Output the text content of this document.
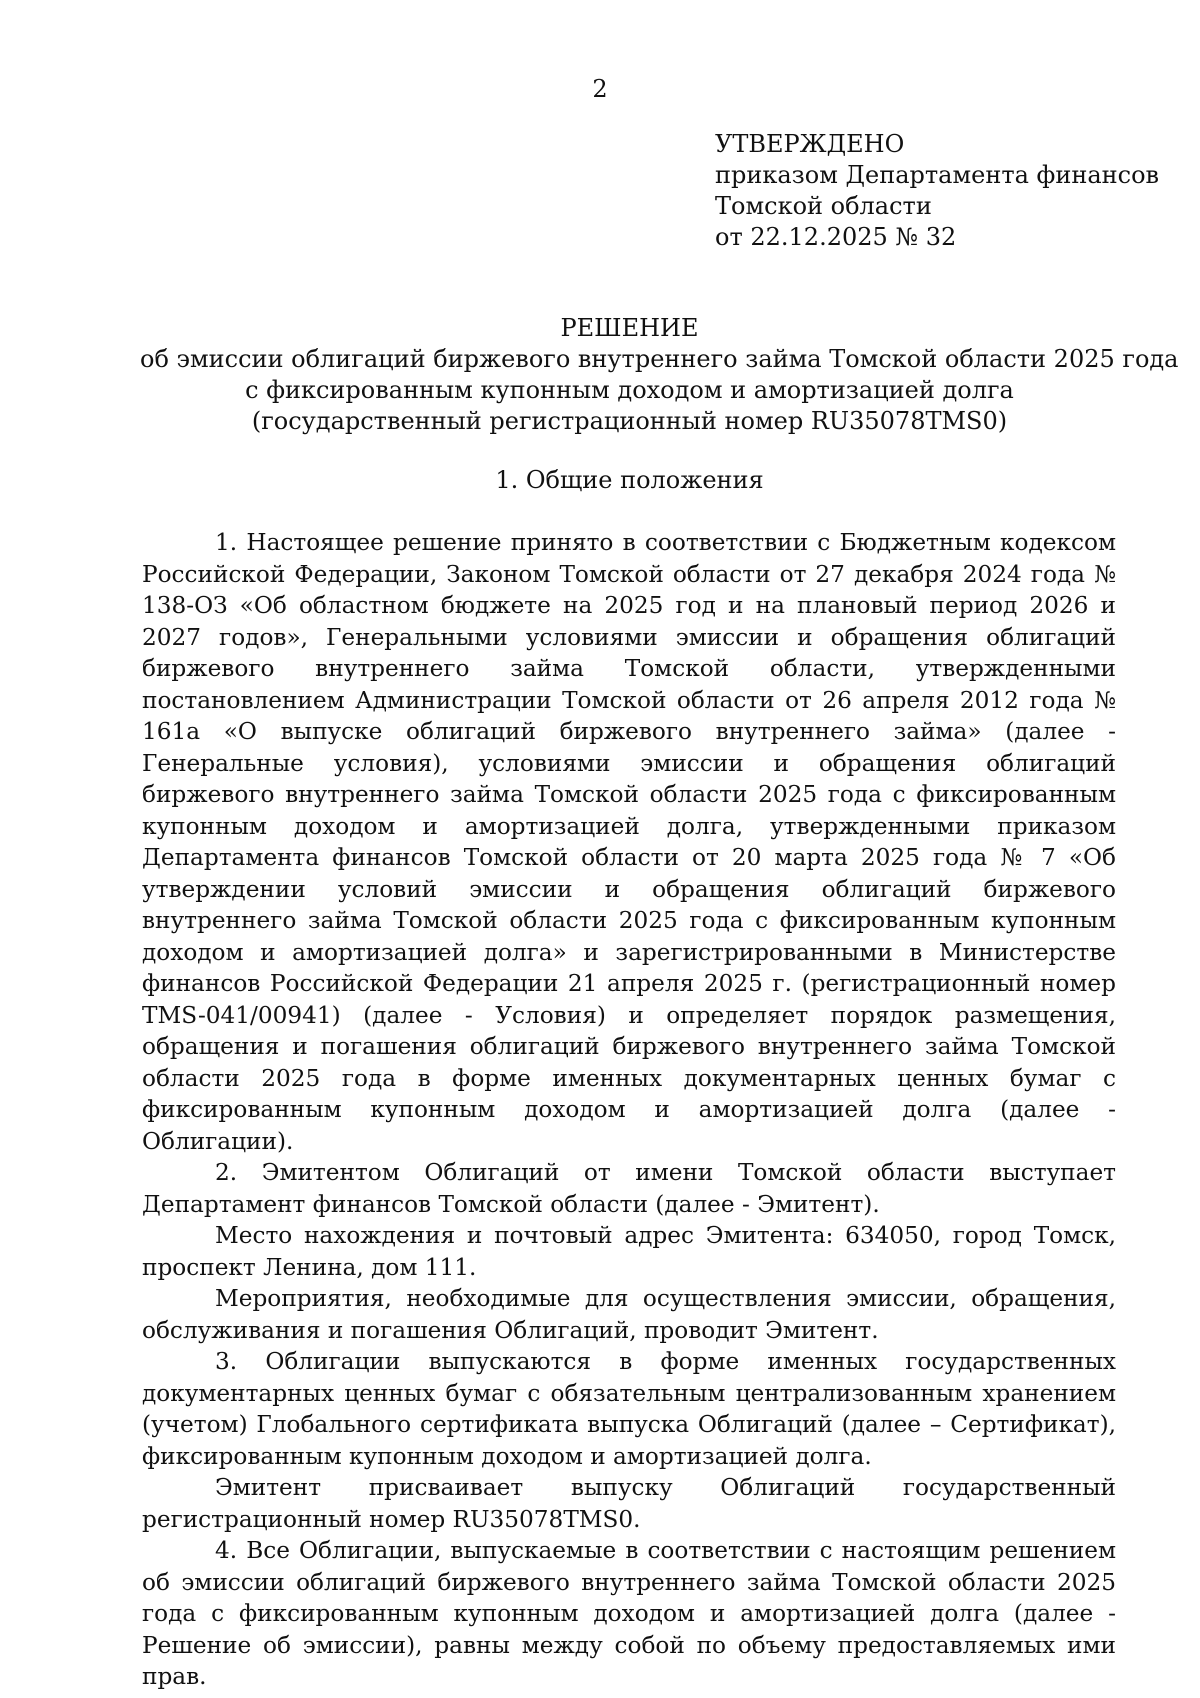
2
УТВЕРЖДЕНО
приказом Департамента финансов
Томской области
от 22.12.2025 № 32
РЕШЕНИЕ
об эмиссии облигаций биржевого внутреннего займа Томской области 2025 года
с фиксированным купонным доходом и амортизацией долга
(государственный регистрационный номер RU35078TMS0)
1. Общие положения

1. Настоящее решение принято в соответствии с Бюджетным кодексом Российской Федерации, Законом Томской области от 27 декабря 2024 года № 138-ОЗ «Об областном бюджете на 2025 год и на плановый период 2026 и 2027 годов», Генеральными условиями эмиссии и обращения облигаций биржевого внутреннего займа Томской области, утвержденными постановлением Администрации Томской области от 26 апреля 2012 года № 161а «О выпуске облигаций биржевого внутреннего займа» (далее - Генеральные условия), условиями эмиссии и обращения облигаций биржевого внутреннего займа Томской области 2025 года с фиксированным купонным доходом и амортизацией долга, утвержденными приказом Департамента финансов Томской области от 20 марта 2025 года № 7 «Об утверждении условий эмиссии и обращения облигаций биржевого внутреннего займа Томской области 2025 года с фиксированным купонным доходом и амортизацией долга» и зарегистрированными в Министерстве финансов Российской Федерации 21 апреля 2025 г. (регистрационный номер TMS-041/00941) (далее - Условия) и определяет порядок размещения, обращения и погашения облигаций биржевого внутреннего займа Томской области 2025 года в форме именных документарных ценных бумаг с фиксированным купонным доходом и амортизацией долга (далее - Облигации).

2. Эмитентом Облигаций от имени Томской области выступает Департамент финансов Томской области (далее - Эмитент).

Место нахождения и почтовый адрес Эмитента: 634050, город Томск, проспект Ленина, дом 111.

Мероприятия, необходимые для осуществления эмиссии, обращения, обслуживания и погашения Облигаций, проводит Эмитент.

3. Облигации выпускаются в форме именных государственных документарных ценных бумаг с обязательным централизованным хранением (учетом) Глобального сертификата выпуска Облигаций (далее – Сертификат), фиксированным купонным доходом и амортизацией долга.

Эмитент присваивает выпуску Облигаций государственный регистрационный номер RU35078TMS0.

4. Все Облигации, выпускаемые в соответствии с настоящим решением об эмиссии облигаций биржевого внутреннего займа Томской области 2025 года с фиксированным купонным доходом и амортизацией долга (далее - Решение об эмиссии), равны между собой по объему предоставляемых ими прав.
